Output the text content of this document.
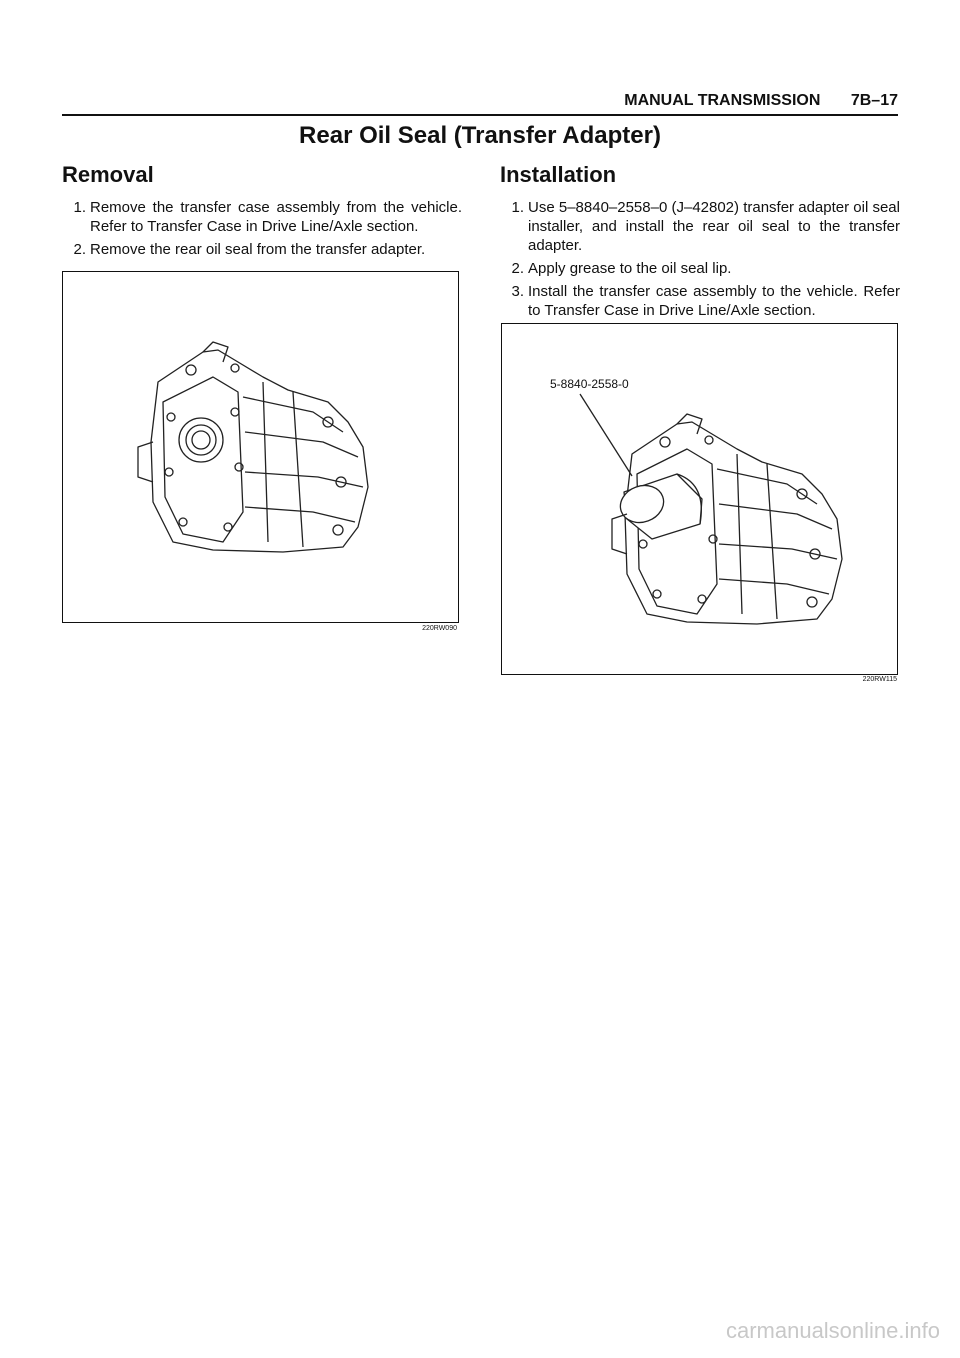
MANUAL TRANSMISSION 7B–17
Rear Oil Seal (Transfer Adapter)
Removal
1. Remove the transfer case assembly from the vehicle. Refer to Transfer Case in Drive Line/Axle section.
2. Remove the rear oil seal from the transfer adapter.
Installation
1. Use 5–8840–2558–0 (J–42802) transfer adapter oil seal installer, and install the rear oil seal to the transfer adapter.
2. Apply grease to the oil seal lip.
3. Install the transfer case assembly to the vehicle. Refer to Transfer Case in Drive Line/Axle section.
220RW090
5-8840-2558-0
220RW115
carmanualsonline.info
